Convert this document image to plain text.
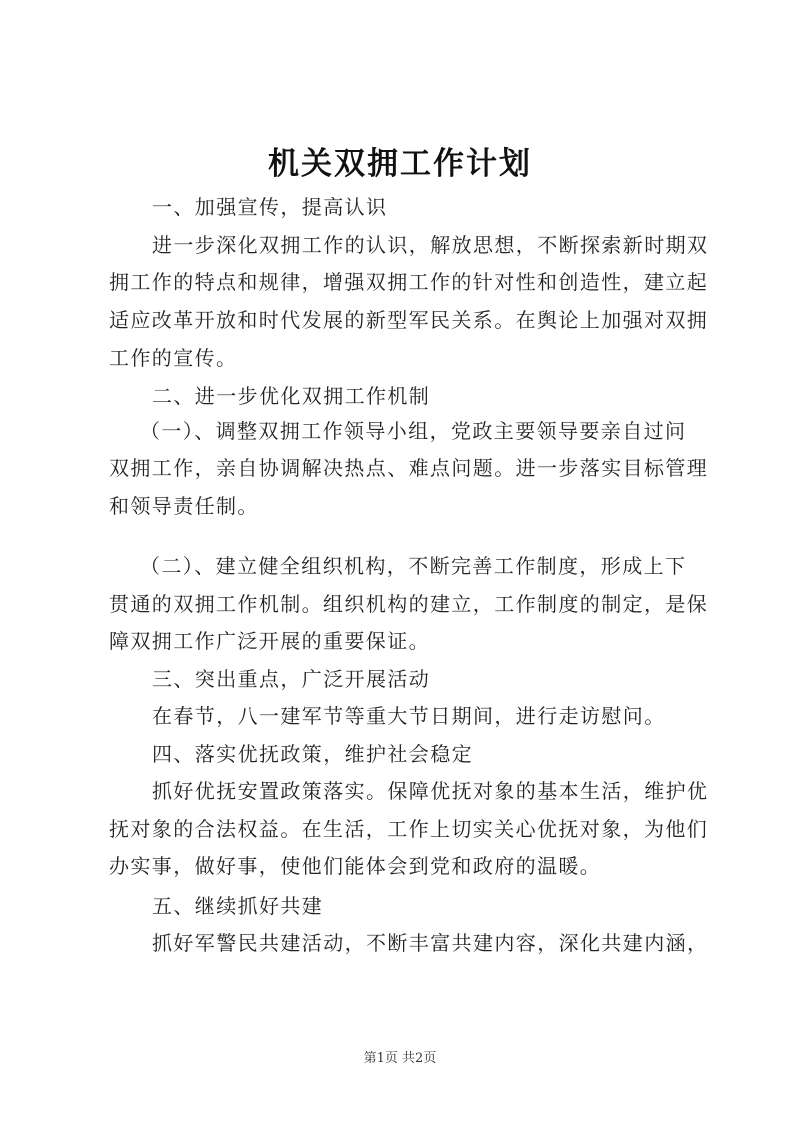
机关双拥工作计划
一、加强宣传，提高认识
进一步深化双拥工作的认识，解放思想，不断探索新时期双
拥工作的特点和规律，增强双拥工作的针对性和创造性，建立起
适应改革开放和时代发展的新型军民关系。在舆论上加强对双拥
工作的宣传。
二、进一步优化双拥工作机制
（一）、调整双拥工作领导小组，党政主要领导要亲自过问
双拥工作，亲自协调解决热点、难点问题。进一步落实目标管理
和领导责任制。
（二）、建立健全组织机构，不断完善工作制度，形成上下
贯通的双拥工作机制。组织机构的建立，工作制度的制定，是保
障双拥工作广泛开展的重要保证。
三、突出重点，广泛开展活动
在春节，八一建军节等重大节日期间，进行走访慰问。
四、落实优抚政策，维护社会稳定
抓好优抚安置政策落实。保障优抚对象的基本生活，维护优
抚对象的合法权益。在生活，工作上切实关心优抚对象，为他们
办实事，做好事，使他们能体会到党和政府的温暖。
五、继续抓好共建
抓好军警民共建活动，不断丰富共建内容，深化共建内涵，
第1页 共2页
